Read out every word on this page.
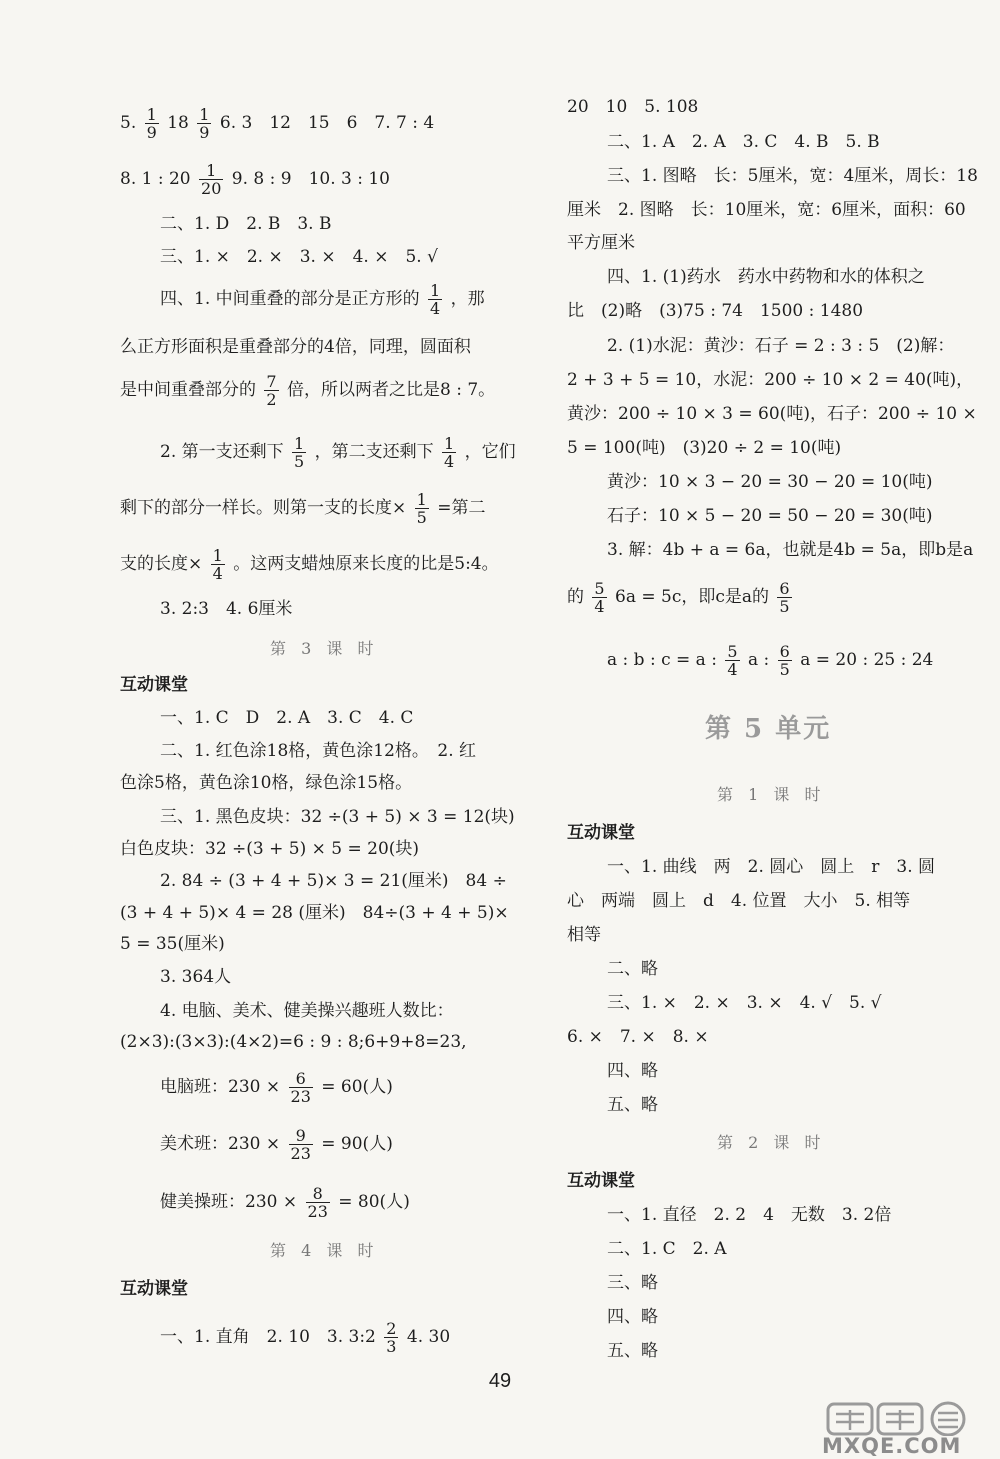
5. $\frac{1}{9} 18 \frac{1}{9} 6$. 3　12　15　6　7. 7 : 4
8. 1 : $20 \frac{1}{20} 9$. 8 : 9　10. 3 : 10
二、1. D　2. B　3. B
三、1. ×　2. ×　3. ×　4. ×　5. √
四、1. 中间重叠的部分是正方形的 $\frac{1}{4}$ ，那
么正方形面积是重叠部分的4倍，同理，圆面积
是中间重叠部分的 $\frac{7}{2}$ 倍，所以两者之比是8 : 7。
2. 第一支还剩下 $\frac{1}{5}$ ，第二支还剩下 $\frac{1}{4}$ ，它们
剩下的部分一样长。则第一支的长度× $\frac{1}{5}$ =第二
支的长度× $\frac{1}{4}$ 。这两支蜡烛原来长度的比是5:4。
3. 2:3　4. 6厘米
第 3 课 时
互动课堂
一、1. C　D　2. A　3. C　4. C
二、1. 红色涂18格，黄色涂12格。　2. 红
色涂5格，黄色涂10格，绿色涂15格。
三、1. 黑色皮块：32 ÷(3 + 5) × 3 = 12(块)
白色皮块：32 ÷(3 + 5) × 5 = 20(块)
2. 84 ÷ (3 + 4 + 5)× 3 = 21(厘米)　84 ÷
(3 + 4 + 5)× 4 = 28 (厘米)　84÷(3 + 4 + 5)×
5 = 35(厘米)
3. 364人
4. 电脑、美术、健美操兴趣班人数比：
(2×3):(3×3):(4×2)=6 : 9 : 8;6+9+8=23,
电脑班：$230 \times \frac{6}{23} = 60$(人)
美术班：$230 \times \frac{9}{23} = 90$(人)
健美操班：$230 \times \frac{8}{23} = 80$(人)
第 4 课 时
互动课堂
一、1. 直角　2. 10　3. 3:2 $\frac{2}{3} 4$. 30
20　10　5. 108
二、1. A　2. A　3. C　4. B　5. B
三、1. 图略　长：5厘米，宽：4厘米，周长：18
厘米　2. 图略　长：10厘米，宽：6厘米，面积：60
平方厘米
四、1. (1)药水　药水中药物和水的体积之
比　(2)略　(3)75 : 74　1500 : 1480
2. (1)水泥：黄沙：石子 = 2 : 3 : 5　(2)解：
2 + 3 + 5 = 10，水泥：200 ÷ 10 × 2 = 40(吨)，
黄沙：200 ÷ 10 × 3 = 60(吨)，石子：200 ÷ 10 ×
5 = 100(吨)　(3)20 ÷ 2 = 10(吨)
黄沙：10 × 3 − 20 = 30 − 20 = 10(吨)
石子：10 × 5 − 20 = 50 − 20 = 30(吨)
3. 解：4b + a = 6a，也就是4b = 5a，即b是a
的 $\frac{5}{4} 6a = 5c$，即c是a的 $\frac{6}{5}$
a : b : c = a : $\frac{5}{4}$ a : $\frac{6}{5}$ a = 20 : 25 : 24
第 5 单元
第 1 课 时
互动课堂
一、1. 曲线　两　2. 圆心　圆上　r　3. 圆
心　两端　圆上　d　4. 位置　大小　5. 相等
相等
二、略
三、1. ×　2. ×　3. ×　4. √　5. √
6. ×　7. ×　8. ×
四、略
五、略
第 2 课 时
互动课堂
一、1. 直径　2. 2　4　无数　3. 2倍
二、1. C　2. A
三、略
四、略
五、略
49
MXQE.COM
